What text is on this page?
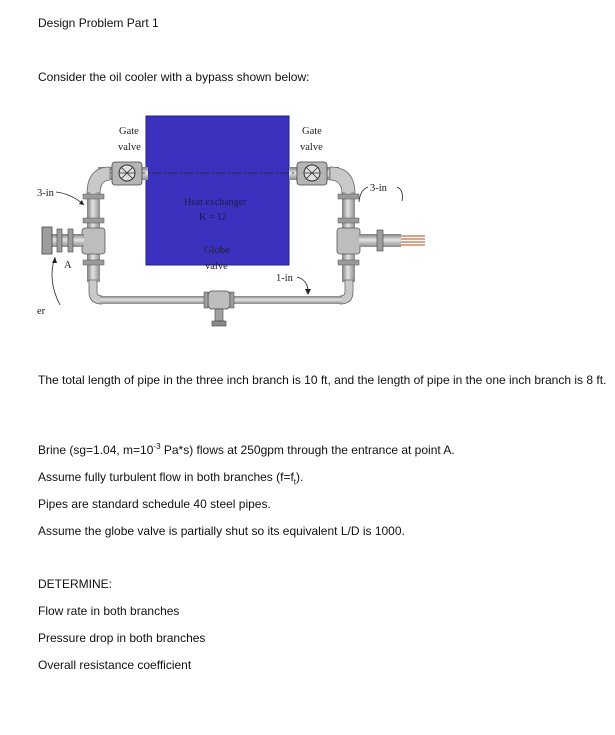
Design Problem Part 1
Consider the oil cooler with a bypass shown below:
Gate
valve
Gate
valve
Heat exchanger
K = 12
Globe
valve
3-in	3-in
1-in
A
er
The total length of pipe in the three inch branch is 10 ft, and the length of pipe in the one inch branch is 8 ft.
Brine (sg=1.04, $m=10^{-3}$ Pa*s) flows at 250gpm through the entrance at point A.
Assume fully turbulent flow in both branches $(f=f_t)$.
Pipes are standard schedule 40 steel pipes.
Assume the globe valve is partially shut so its equivalent L/D is 1000.
DETERMINE:
Flow rate in both branches
Pressure drop in both branches
Overall resistance coefficient
